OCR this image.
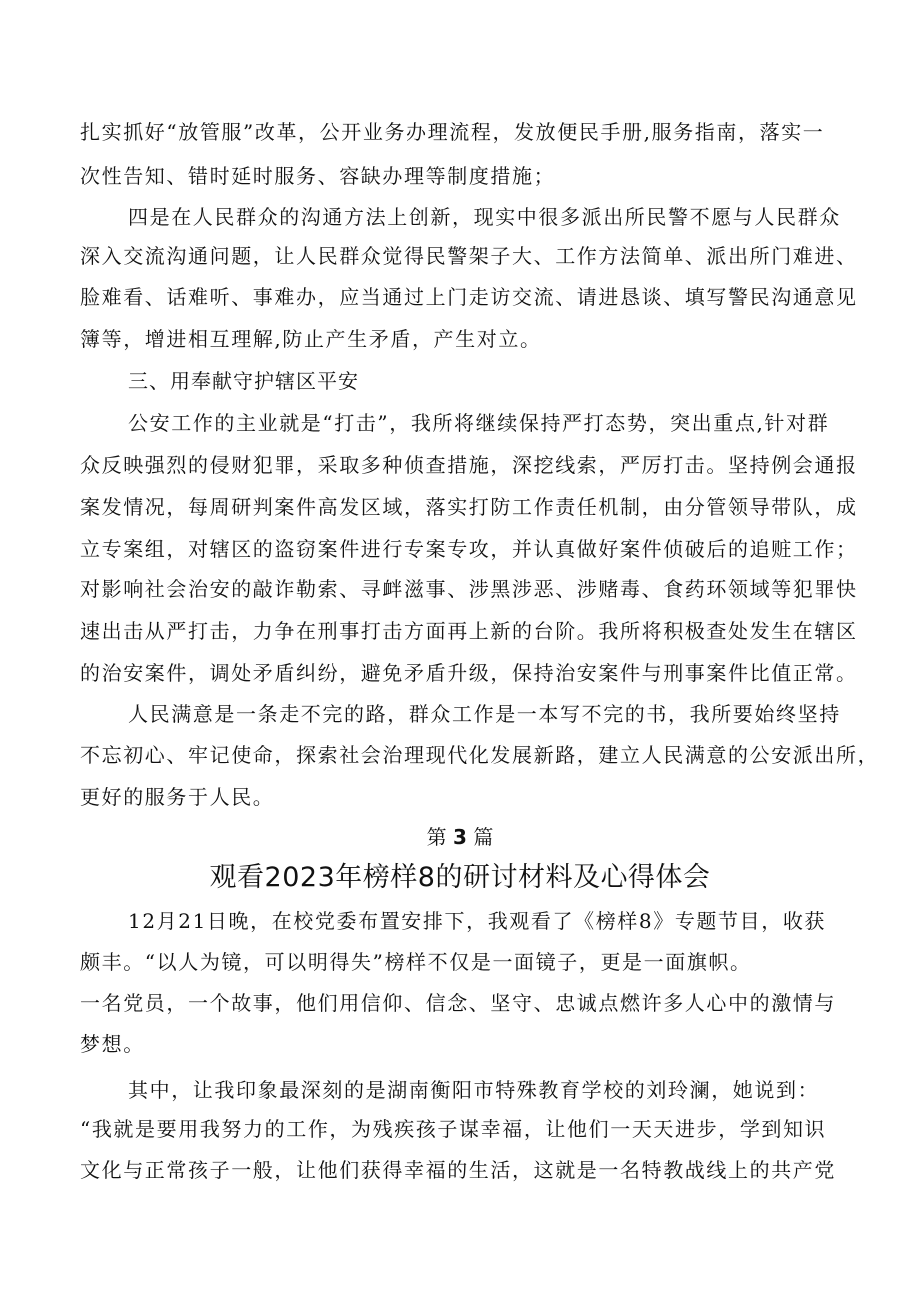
扎实抓好“放管服”改革，公开业务办理流程，发放便民手册,服务指南，落实一
次性告知、错时延时服务、容缺办理等制度措施；
四是在人民群众的沟通方法上创新，现实中很多派出所民警不愿与人民群众
深入交流沟通问题，让人民群众觉得民警架子大、工作方法简单、派出所门难进、
脸难看、话难听、事难办，应当通过上门走访交流、请进恳谈、填写警民沟通意见
簿等，增进相互理解,防止产生矛盾，产生对立。
三、用奉献守护辖区平安
公安工作的主业就是“打击”，我所将继续保持严打态势，突出重点,针对群
众反映强烈的侵财犯罪，采取多种侦查措施，深挖线索，严厉打击。坚持例会通报
案发情况，每周研判案件高发区域，落实打防工作责任机制，由分管领导带队，成
立专案组，对辖区的盗窃案件进行专案专攻，并认真做好案件侦破后的追赃工作；
对影响社会治安的敲诈勒索、寻衅滋事、涉黑涉恶、涉赌毒、食药环领域等犯罪快
速出击从严打击，力争在刑事打击方面再上新的台阶。我所将积极查处发生在辖区
的治安案件，调处矛盾纠纷，避免矛盾升级，保持治安案件与刑事案件比值正常。
人民满意是一条走不完的路，群众工作是一本写不完的书，我所要始终坚持
不忘初心、牢记使命，探索社会治理现代化发展新路，建立人民满意的公安派出所，
更好的服务于人民。
第 3 篇
观看2023年榜样8的研讨材料及心得体会
12月21日晚，在校党委布置安排下，我观看了《榜样8》专题节目，收获
颇丰。“以人为镜，可以明得失”榜样不仅是一面镜子，更是一面旗帜。
一名党员，一个故事，他们用信仰、信念、坚守、忠诚点燃许多人心中的激情与
梦想。
其中，让我印象最深刻的是湖南衡阳市特殊教育学校的刘玲澜，她说到：
“我就是要用我努力的工作，为残疾孩子谋幸福，让他们一天天进步，学到知识
文化与正常孩子一般，让他们获得幸福的生活，这就是一名特教战线上的共产党
